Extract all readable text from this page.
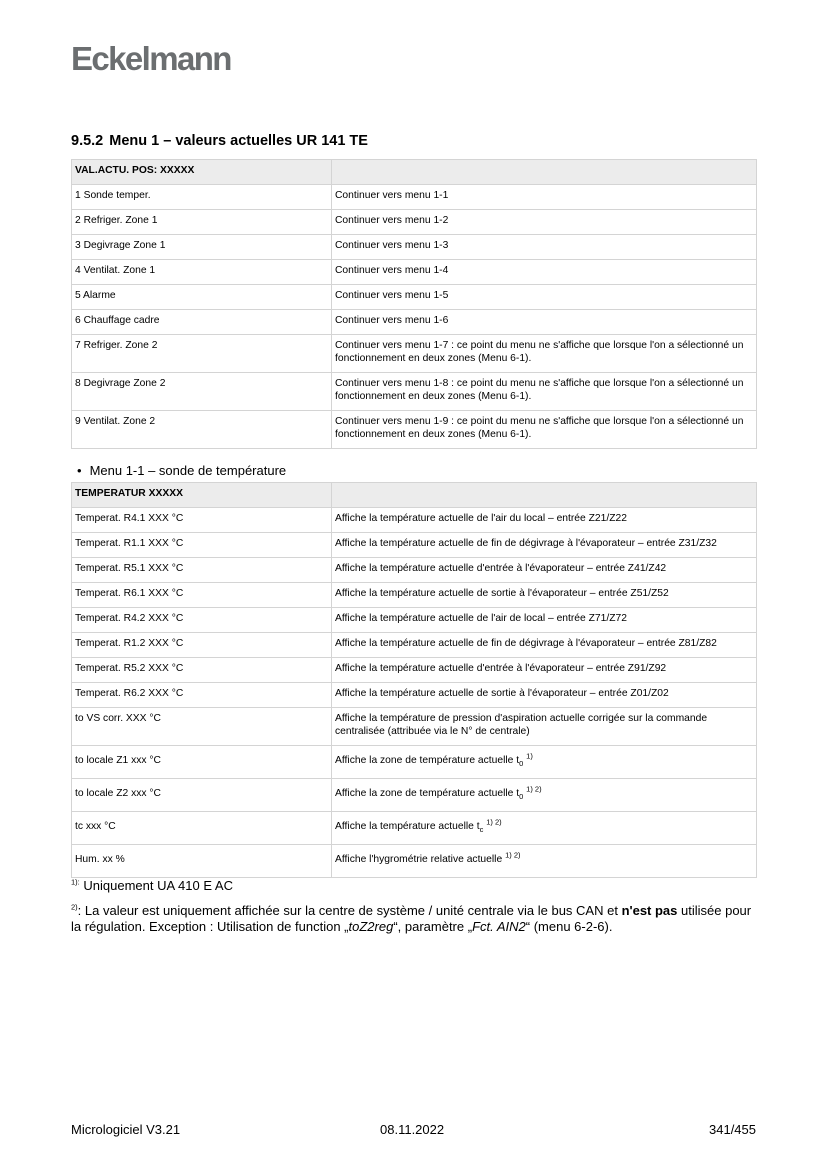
Eckelmann
9.5.2 Menu 1 – valeurs actuelles UR 141 TE
VAL.ACTU. POS: XXXXX	
1 Sonde temper.	Continuer vers menu 1-1
2 Refriger. Zone 1	Continuer vers menu 1-2
3 Degivrage Zone 1	Continuer vers menu 1-3
4 Ventilat. Zone 1	Continuer vers menu 1-4
5 Alarme	Continuer vers menu 1-5
6 Chauffage cadre	Continuer vers menu 1-6
7 Refriger. Zone 2	Continuer vers menu 1-7 : ce point du menu ne s'affiche que lorsque l'on a sélectionné un fonctionnement en deux zones (Menu 6-1).
8 Degivrage Zone 2	Continuer vers menu 1-8 : ce point du menu ne s'affiche que lorsque l'on a sélectionné un fonctionnement en deux zones (Menu 6-1).
9 Ventilat. Zone 2	Continuer vers menu 1-9 : ce point du menu ne s'affiche que lorsque l'on a sélectionné un fonctionnement en deux zones (Menu 6-1).
• Menu 1-1 – sonde de température
TEMPERATUR XXXXX	
Temperat. R4.1 XXX °C	Affiche la température actuelle de l'air du local – entrée Z21/Z22
Temperat. R1.1 XXX °C	Affiche la température actuelle de fin de dégivrage à l'évaporateur – entrée Z31/Z32
Temperat. R5.1 XXX °C	Affiche la température actuelle d'entrée à l'évaporateur – entrée Z41/Z42
Temperat. R6.1 XXX °C	Affiche la température actuelle de sortie à l'évaporateur – entrée Z51/Z52
Temperat. R4.2 XXX °C	Affiche la température actuelle de l'air de local – entrée Z71/Z72
Temperat. R1.2 XXX °C	Affiche la température actuelle de fin de dégivrage à l'évaporateur – entrée Z81/Z82
Temperat. R5.2 XXX °C	Affiche la température actuelle d'entrée à l'évaporateur – entrée Z91/Z92
Temperat. R6.2 XXX °C	Affiche la température actuelle de sortie à l'évaporateur – entrée Z01/Z02
to VS corr. XXX °C	Affiche la température de pression d'aspiration actuelle corrigée sur la commande centralisée (attribuée via le N° de centrale)
to locale Z1 xxx °C	Affiche la zone de température actuelle $t_0$ $^{1)}$
to locale Z2 xxx °C	Affiche la zone de température actuelle $t_0$ $^{1) 2)}$
tc xxx °C	Affiche la température actuelle $t_c$ $^{1) 2)}$
Hum. xx %	Affiche l'hygrométrie relative actuelle $^{1) 2)}$
$^{1):}$ Uniquement UA 410 E AC
$^{2)}$: La valeur est uniquement affichée sur la centre de système / unité centrale via le bus CAN et n'est pas utilisée pour la régulation. Exception : Utilisation de function „toZ2reg“, paramètre „Fct. AIN2“ (menu 6-2-6).
Micrologiciel V3.21	08.11.2022	341/455
